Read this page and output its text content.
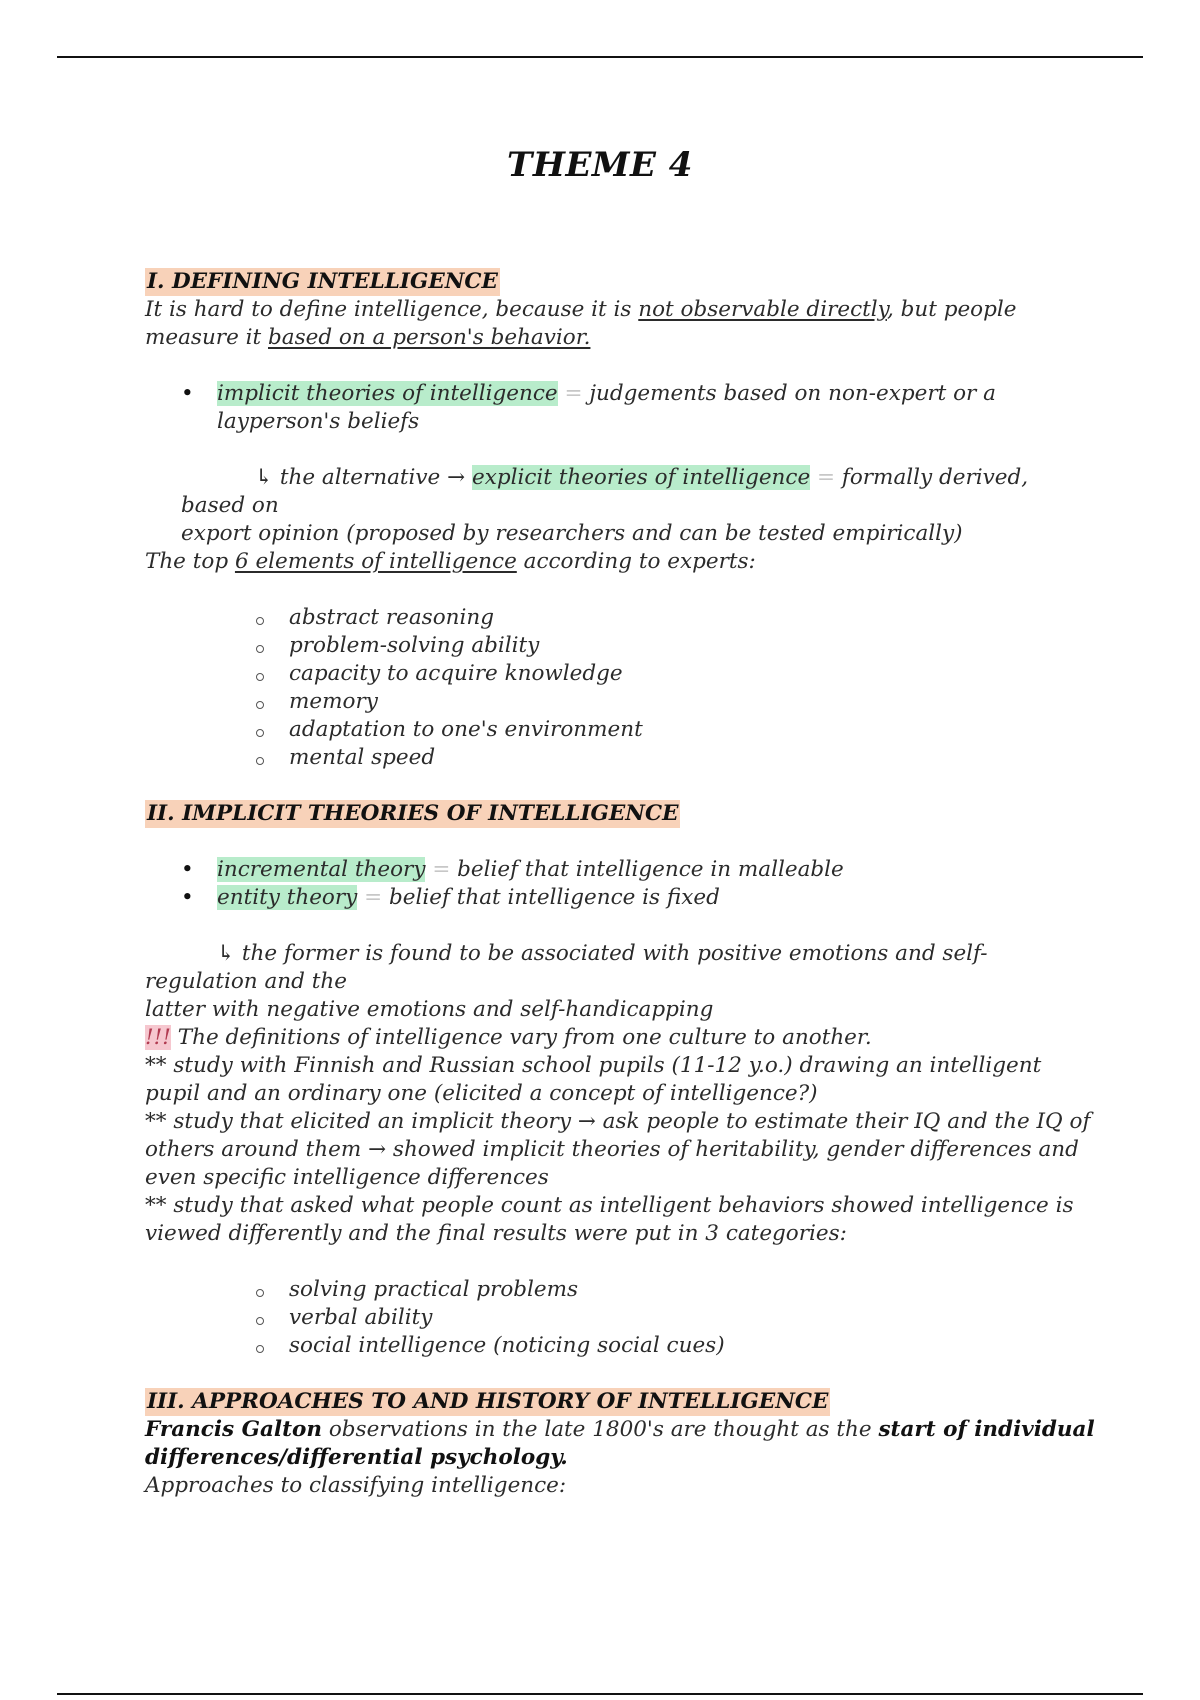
THEME 4
I. DEFINING INTELLIGENCE

It is hard to define intelligence, because it is not observable directly, but people measure it based on a person's behavior.

• implicit theories of intelligence = judgements based on non-expert or a layperson's beliefs

↳ the alternative → explicit theories of intelligence = formally derived, based on
export opinion (proposed by researchers and can be tested empirically)

The top 6 elements of intelligence according to experts:

abstract reasoning
problem-solving ability
capacity to acquire knowledge
memory
adaptation to one's environment
mental speed
II. IMPLICIT THEORIES OF INTELLIGENCE
• incremental theory = belief that intelligence in malleable
• entity theory = belief that intelligence is fixed

↳ the former is found to be associated with positive emotions and self-regulation and the
latter with negative emotions and self-handicapping

!!! The definitions of intelligence vary from one culture to another.

** study with Finnish and Russian school pupils (11-12 y.o.) drawing an intelligent pupil and an ordinary one (elicited a concept of intelligence?)

** study that elicited an implicit theory → ask people to estimate their IQ and the IQ of others around them → showed implicit theories of heritability, gender differences and even specific intelligence differences

** study that asked what people count as intelligent behaviors showed intelligence is viewed differently and the final results were put in 3 categories:

solving practical problems
verbal ability
social intelligence (noticing social cues)
III. APPROACHES TO AND HISTORY OF INTELLIGENCE

Francis Galton observations in the late 1800's are thought as the start of individual differences/differential psychology.

Approaches to classifying intelligence:
